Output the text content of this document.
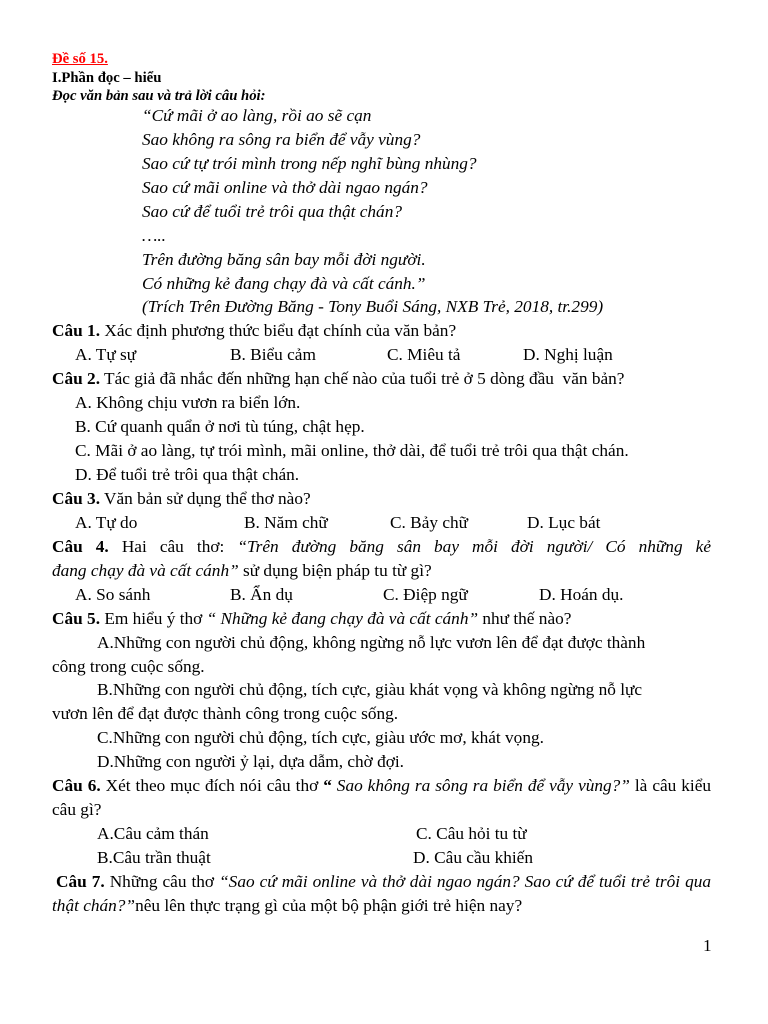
Đề số 15.
I.Phần đọc – hiểu
Đọc văn bản sau và trả lời câu hỏi:
“Cứ mãi ở ao làng, rồi ao sẽ cạn
Sao không ra sông ra biển để vẫy vùng?
Sao cứ tự trói mình trong nếp nghĩ bùng nhùng?
Sao cứ mãi online và thở dài ngao ngán?
Sao cứ để tuổi trẻ trôi qua thật chán?
…..
Trên đường băng sân bay mỗi đời người.
Có những kẻ đang chạy đà và cất cánh.”
(Trích Trên Đường Băng - Tony Buổi Sáng, NXB Trẻ, 2018, tr.299)
Câu 1. Xác định phương thức biểu đạt chính của văn bản?
A. Tự sự	B. Biểu cảm	C. Miêu tả	D. Nghị luận
Câu 2. Tác giả đã nhắc đến những hạn chế nào của tuổi trẻ ở 5 dòng đầu  văn bản?
A. Không chịu vươn ra biển lớn.
B. Cứ quanh quẩn ở nơi tù túng, chật hẹp.
C. Mãi ở ao làng, tự trói mình, mãi online, thở dài, để tuổi trẻ trôi qua thật chán.
D. Để tuổi trẻ trôi qua thật chán.
Câu 3. Văn bản sử dụng thể thơ nào?
A. Tự do	B. Năm chữ	C. Bảy chữ	D. Lục bát
Câu 4. Hai câu thơ: “Trên đường băng sân bay mỗi đời người/ Có những kẻ
đang chạy đà và cất cánh” sử dụng biện pháp tu từ gì?
A. So sánh	B. Ẩn dụ	C. Điệp ngữ	D. Hoán dụ.
Câu 5. Em hiểu ý thơ “ Những kẻ đang chạy đà và cất cánh” như thế nào?
A.Những con người chủ động, không ngừng nỗ lực vươn lên để đạt được thành
công trong cuộc sống.
B.Những con người chủ động, tích cực, giàu khát vọng và không ngừng nỗ lực
vươn lên để đạt được thành công trong cuộc sống.
C.Những con người chủ động, tích cực, giàu ước mơ, khát vọng.
D.Những con người ỷ lại, dựa dẫm, chờ đợi.
Câu 6. Xét theo mục đích nói câu thơ “ Sao không ra sông ra biển để vẫy vùng?” là câu kiểu
câu gì?
A.Câu cảm thán	C. Câu hỏi tu từ
B.Câu trần thuật	D. Câu cầu khiến
Câu 7. Những câu thơ “Sao cứ mãi online và thở dài ngao ngán? Sao cứ để tuổi trẻ trôi qua
thật chán?”nêu lên thực trạng gì của một bộ phận giới trẻ hiện nay?
1
